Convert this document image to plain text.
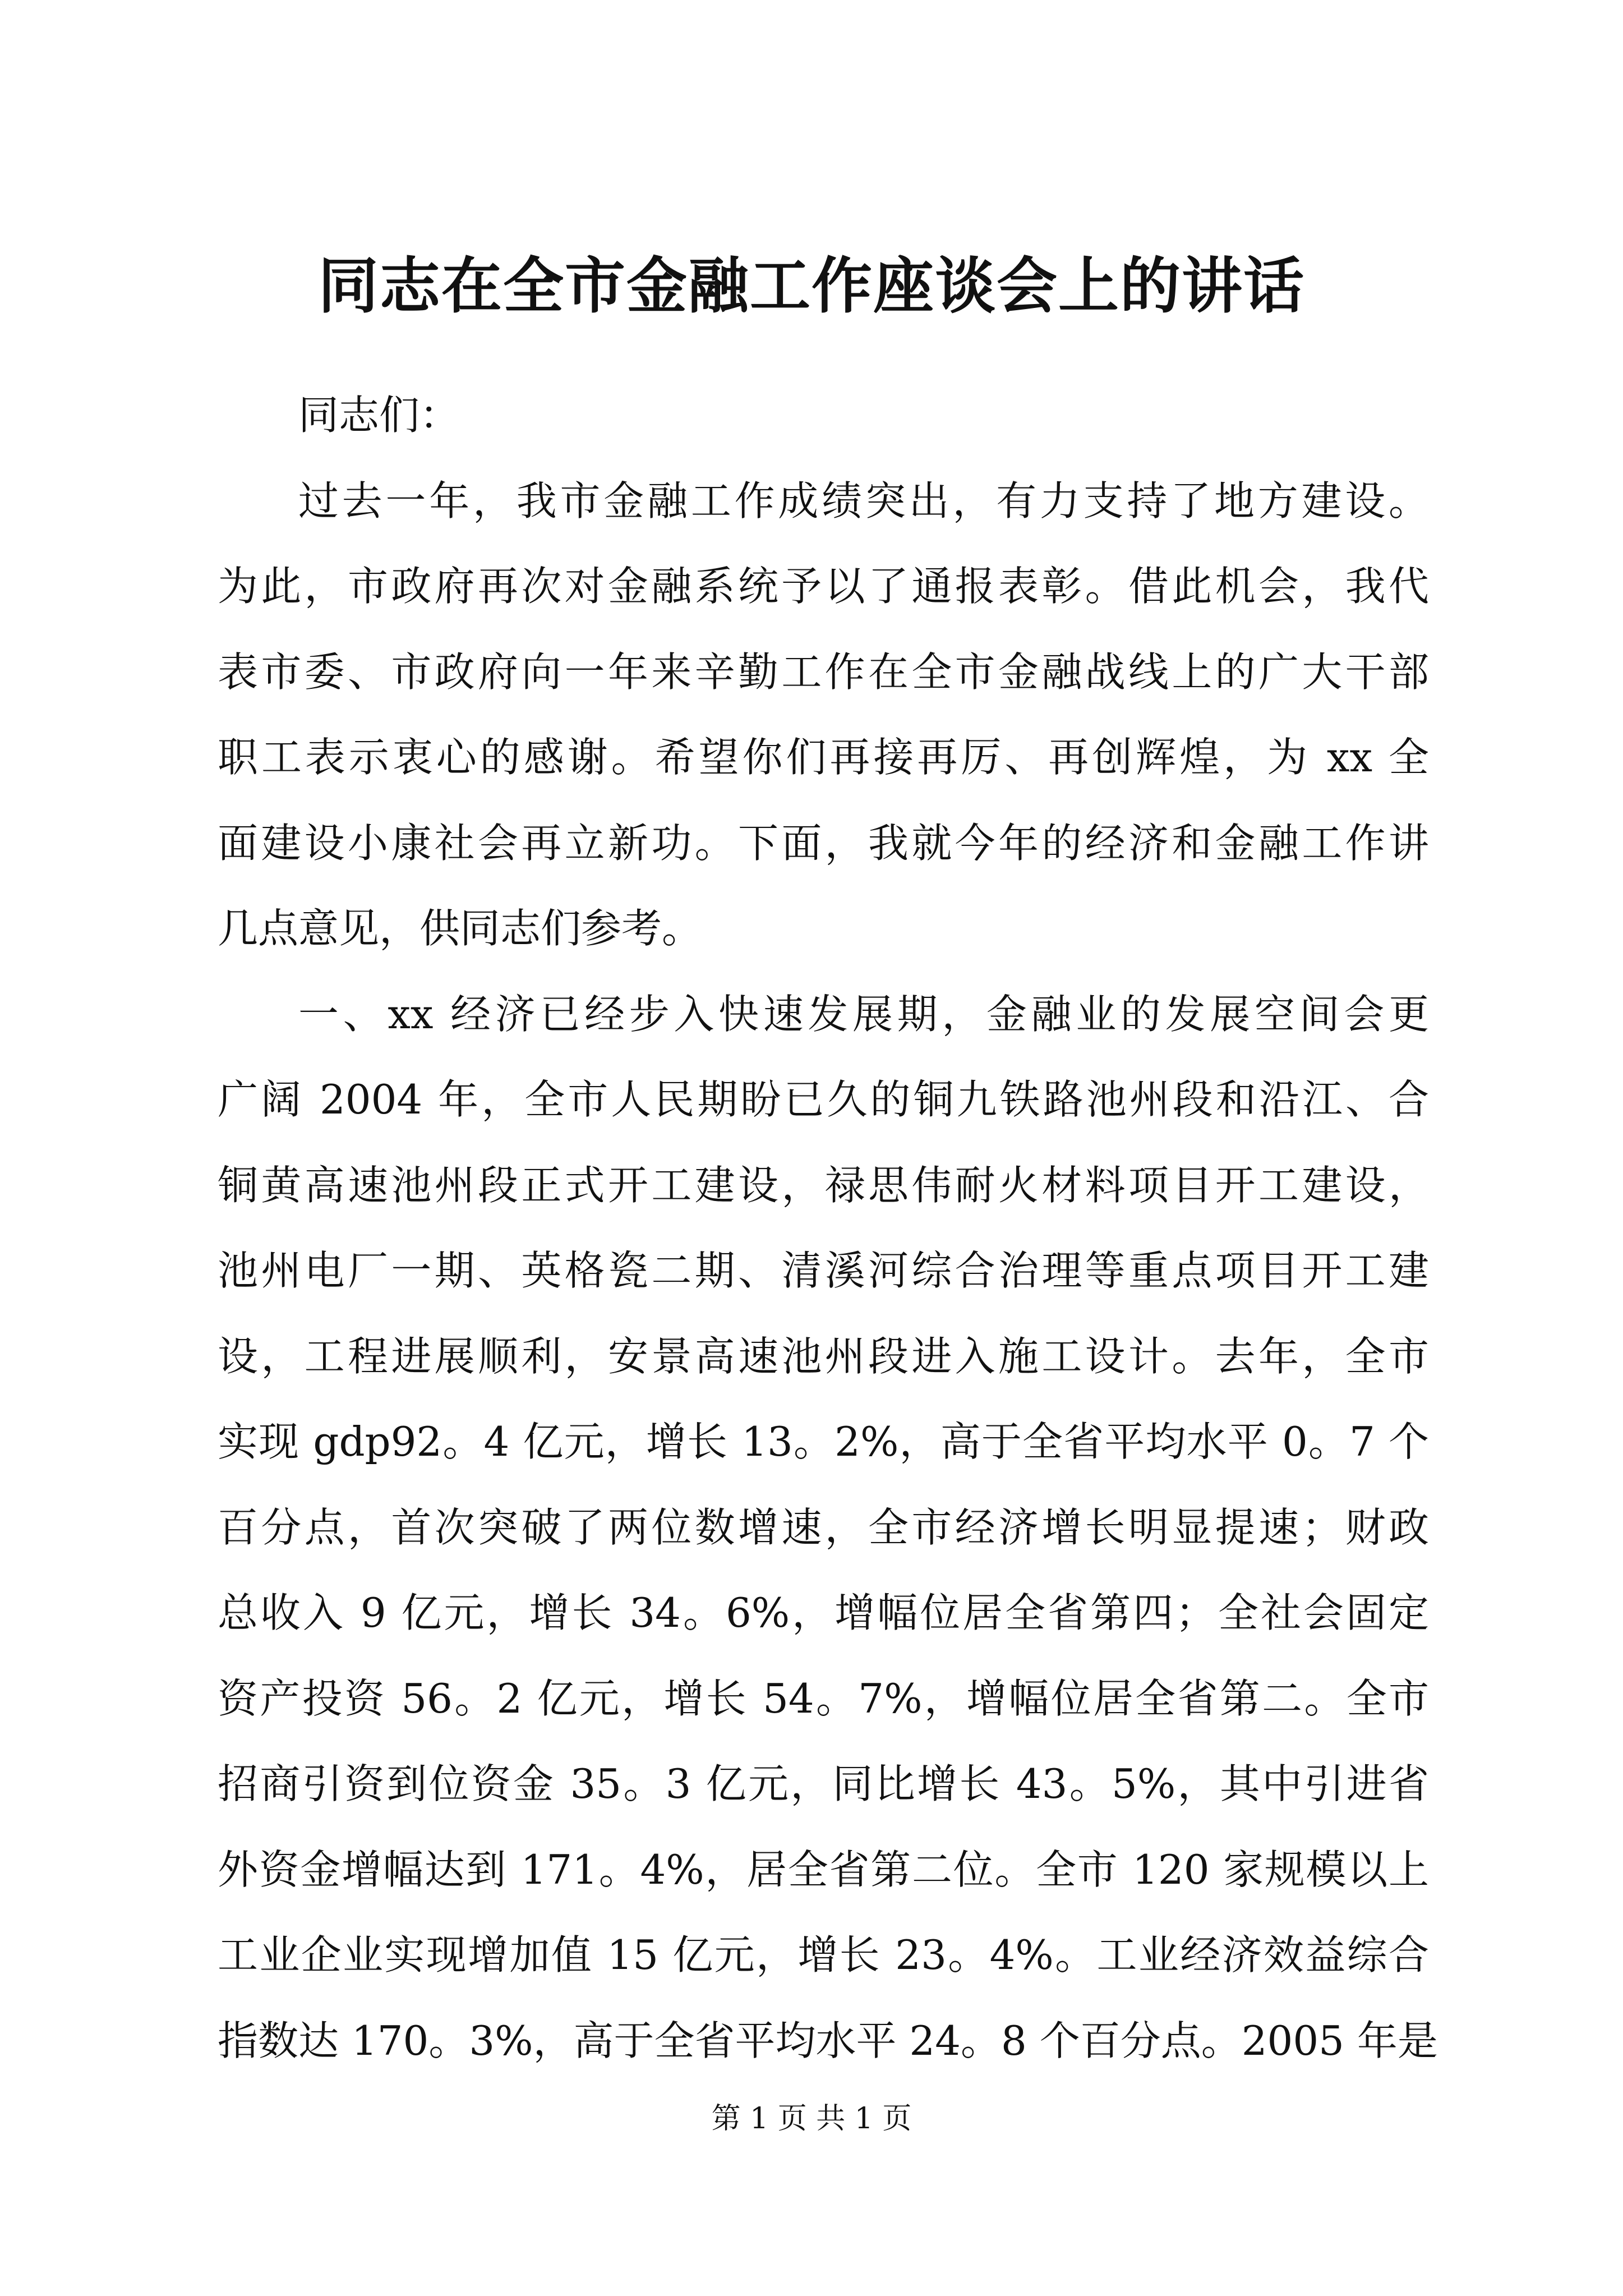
同志在全市金融工作座谈会上的讲话
同志们：
过去一年，我市金融工作成绩突出，有力支持了地方建设。
为此，市政府再次对金融系统予以了通报表彰。借此机会，我代
表市委、市政府向一年来辛勤工作在全市金融战线上的广大干部
职工表示衷心的感谢。希望你们再接再厉、再创辉煌，为 xx 全
面建设小康社会再立新功。下面，我就今年的经济和金融工作讲
几点意见，供同志们参考。
一、xx 经济已经步入快速发展期，金融业的发展空间会更
广阔 2004 年，全市人民期盼已久的铜九铁路池州段和沿江、合
铜黄高速池州段正式开工建设，禄思伟耐火材料项目开工建设，
池州电厂一期、英格瓷二期、清溪河综合治理等重点项目开工建
设，工程进展顺利，安景高速池州段进入施工设计。去年，全市
实现 gdp92。4 亿元，增长 13。2%，高于全省平均水平 0。7 个
百分点，首次突破了两位数增速，全市经济增长明显提速；财政
总收入 9 亿元，增长 34。6%，增幅位居全省第四；全社会固定
资产投资 56。2 亿元，增长 54。7%，增幅位居全省第二。全市
招商引资到位资金 35。3 亿元，同比增长 43。5%，其中引进省
外资金增幅达到 171。4%，居全省第二位。全市 120 家规模以上
工业企业实现增加值 15 亿元，增长 23。4%。工业经济效益综合
指数达 170。3%，高于全省平均水平 24。8 个百分点。2005 年是
第 1 页 共 1 页
